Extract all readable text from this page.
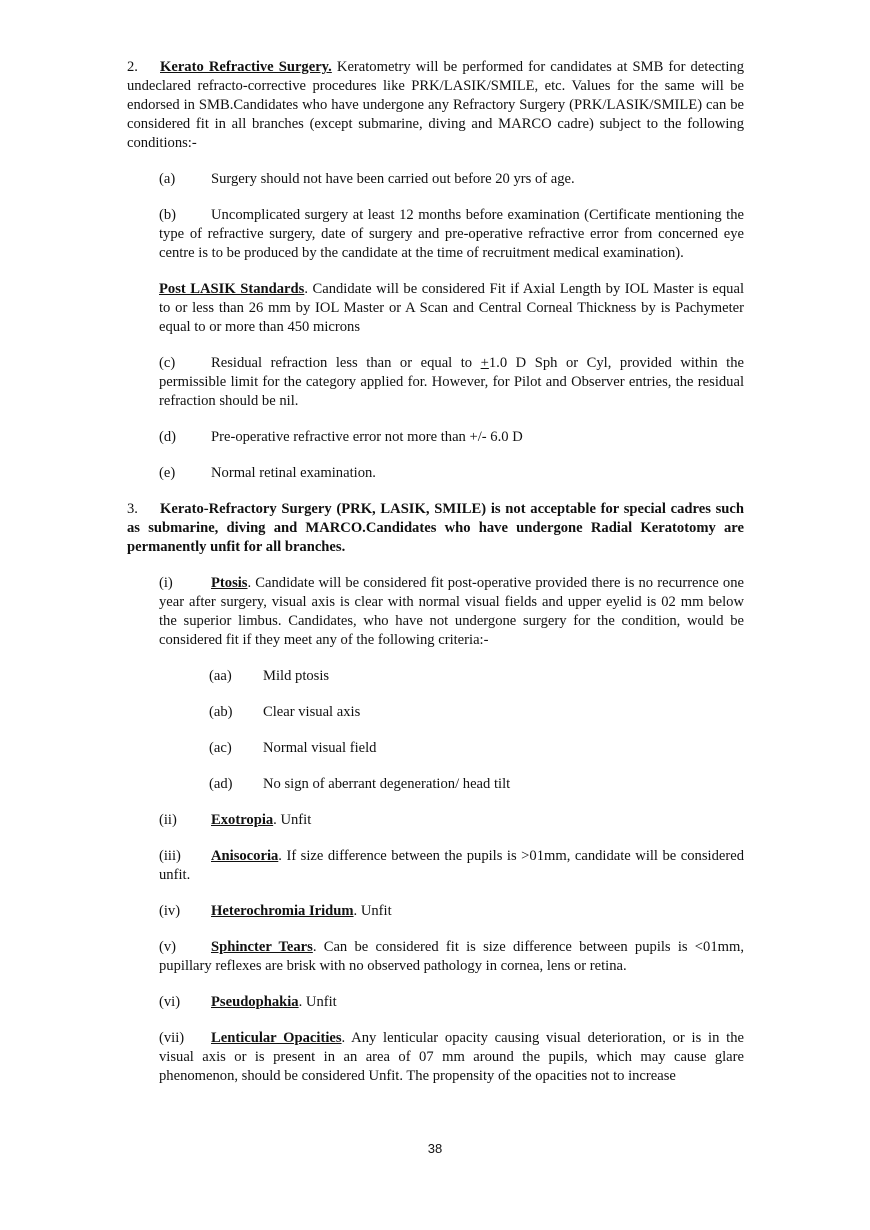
2. Kerato Refractive Surgery. Keratometry will be performed for candidates at SMB for detecting undeclared refracto-corrective procedures like PRK/LASIK/SMILE, etc. Values for the same will be endorsed in SMB.Candidates who have undergone any Refractory Surgery (PRK/LASIK/SMILE) can be considered fit in all branches (except submarine, diving and MARCO cadre) subject to the following conditions:-

(a) Surgery should not have been carried out before 20 yrs of age.

(b) Uncomplicated surgery at least 12 months before examination (Certificate mentioning the type of refractive surgery, date of surgery and pre-operative refractive error from concerned eye centre is to be produced by the candidate at the time of recruitment medical examination).

Post LASIK Standards. Candidate will be considered Fit if Axial Length by IOL Master is equal to or less than 26 mm by IOL Master or A Scan and Central Corneal Thickness by is Pachymeter equal to or more than 450 microns

(c) Residual refraction less than or equal to +1.0 D Sph or Cyl, provided within the permissible limit for the category applied for. However, for Pilot and Observer entries, the residual refraction should be nil.

(d) Pre-operative refractive error not more than +/- 6.0 D

(e) Normal retinal examination.

3. Kerato-Refractory Surgery (PRK, LASIK, SMILE) is not acceptable for special cadres such as submarine, diving and MARCO.Candidates who have undergone Radial Keratotomy are permanently unfit for all branches.

(i)	Ptosis. Candidate will be considered fit post-operative provided there is no recurrence one year after surgery, visual axis is clear with normal visual fields and upper eyelid is 02 mm below the superior limbus. Candidates, who have not undergone surgery for the condition, would be considered fit if they meet any of the following criteria:-

(aa) Mild ptosis

(ab) Clear visual axis

(ac) Normal visual field

(ad) No sign of aberrant degeneration/ head tilt

(ii) Exotropia. Unfit

(iii) Anisocoria. If size difference between the pupils is >01mm, candidate will be considered unfit.

(iv) Heterochromia Iridum. Unfit

(v) Sphincter Tears. Can be considered fit is size difference between pupils is <01mm, pupillary reflexes are brisk with no observed pathology in cornea, lens or retina.

(vi) Pseudophakia. Unfit

(vii) Lenticular Opacities. Any lenticular opacity causing visual deterioration, or is in the visual axis or is present in an area of 07 mm around the pupils, which may cause glare phenomenon, should be considered Unfit. The propensity of the opacities not to increase

38
